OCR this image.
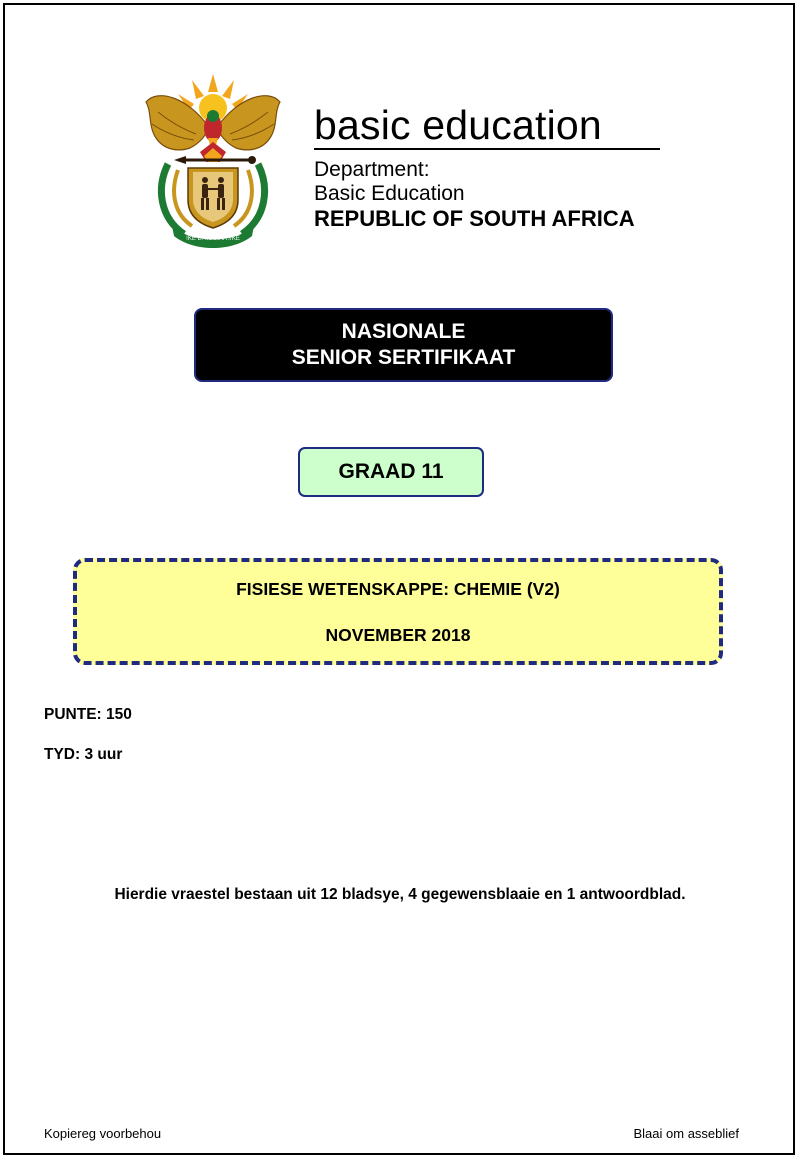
!KE E: /XARRA //KE
basic education
Department:
Basic Education
REPUBLIC OF SOUTH AFRICA
NASIONALE
SENIOR SERTIFIKAAT
GRAAD 11
FISIESE WETENSKAPPE: CHEMIE (V2)
NOVEMBER 2018
PUNTE: 150
TYD: 3 uur
Hierdie vraestel bestaan uit 12 bladsye, 4 gegewensblaaie en 1 antwoordblad.
Kopiereg voorbehou	Blaai om asseblief
